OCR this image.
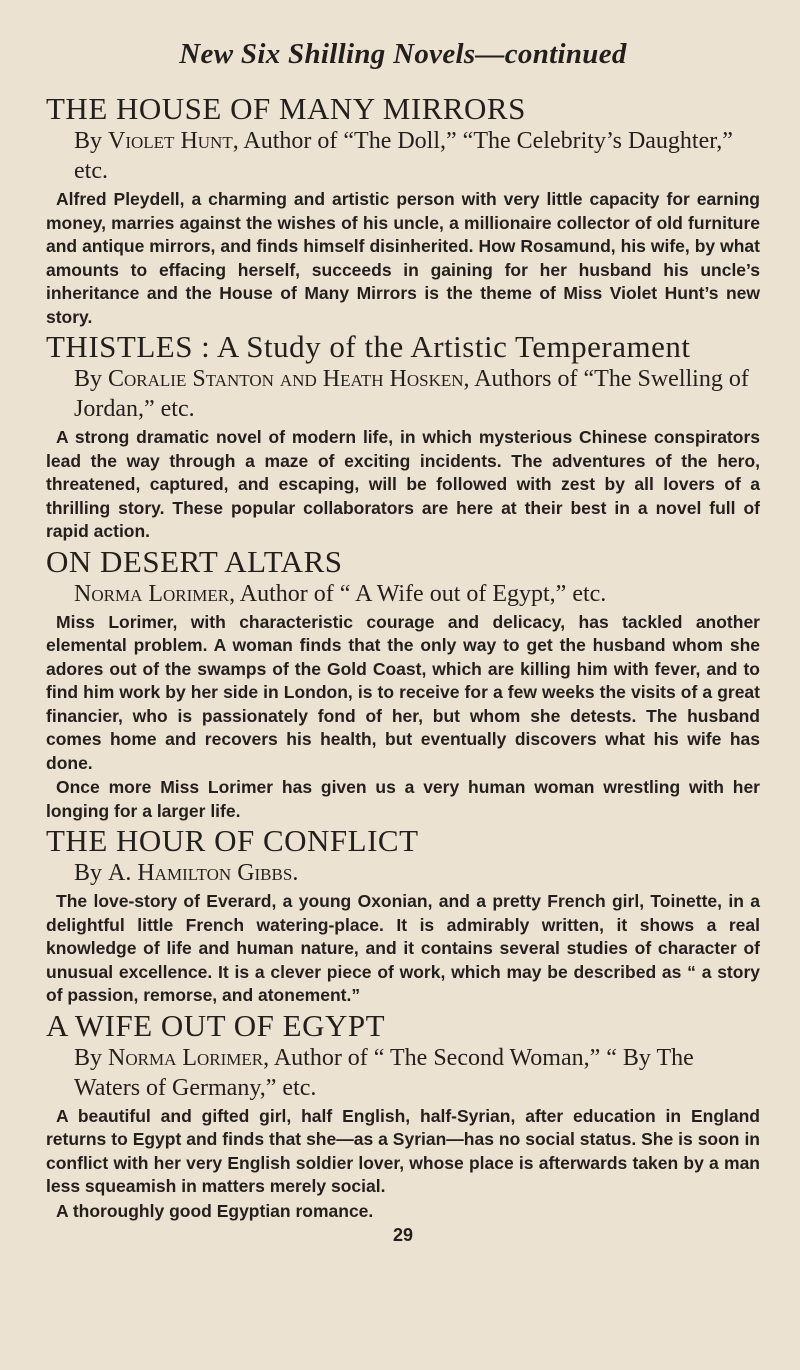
New Six Shilling Novels—continued
THE HOUSE OF MANY MIRRORS

By Violet Hunt, Author of “The Doll,” “The Celebrity’s Daughter,” etc.

Alfred Pleydell, a charming and artistic person with very little capacity for earning money, marries against the wishes of his uncle, a millionaire collector of old furniture and antique mirrors, and finds himself disinherited. How Rosamund, his wife, by what amounts to effacing herself, succeeds in gaining for her husband his uncle’s inheritance and the House of Many Mirrors is the theme of Miss Violet Hunt’s new story.

THISTLES : A Study of the Artistic Temperament

By Coralie Stanton and Heath Hosken, Authors of “The Swelling of Jordan,” etc.

A strong dramatic novel of modern life, in which mysterious Chinese conspirators lead the way through a maze of exciting incidents. The adventures of the hero, threatened, captured, and escaping, will be followed with zest by all lovers of a thrilling story. These popular collaborators are here at their best in a novel full of rapid action.

ON DESERT ALTARS

Norma Lorimer, Author of “ A Wife out of Egypt,” etc.

Miss Lorimer, with characteristic courage and delicacy, has tackled another elemental problem. A woman finds that the only way to get the husband whom she adores out of the swamps of the Gold Coast, which are killing him with fever, and to find him work by her side in London, is to receive for a few weeks the visits of a great financier, who is passionately fond of her, but whom she detests. The husband comes home and recovers his health, but eventually discovers what his wife has done.

Once more Miss Lorimer has given us a very human woman wrestling with her longing for a larger life.

THE HOUR OF CONFLICT

By A. Hamilton Gibbs.

The love-story of Everard, a young Oxonian, and a pretty French girl, Toinette, in a delightful little French watering-place. It is admirably written, it shows a real knowledge of life and human nature, and it contains several studies of character of unusual excellence. It is a clever piece of work, which may be described as “ a story of passion, remorse, and atonement.”

A WIFE OUT OF EGYPT

By Norma Lorimer, Author of “ The Second Woman,” “ By The Waters of Germany,” etc.

A beautiful and gifted girl, half English, half-Syrian, after education in England returns to Egypt and finds that she—as a Syrian—has no social status. She is soon in conflict with her very English soldier lover, whose place is afterwards taken by a man less squeamish in matters merely social.

A thoroughly good Egyptian romance.

29
